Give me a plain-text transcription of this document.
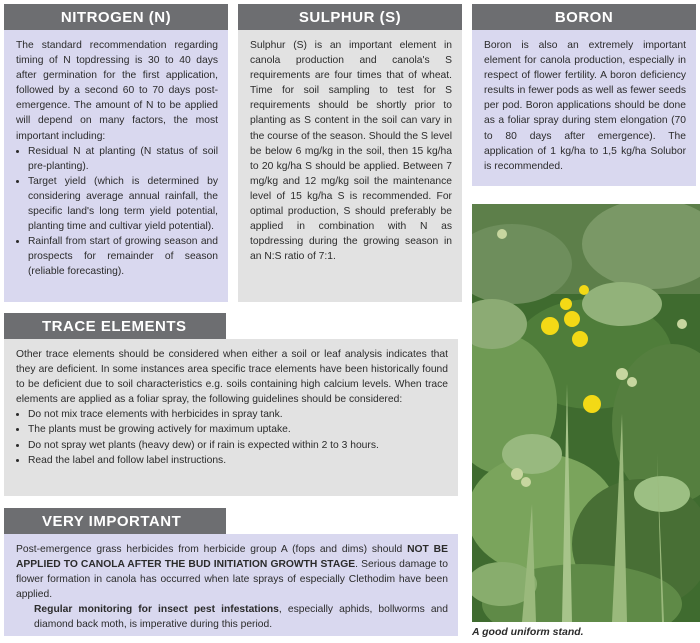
NITROGEN (N)
The standard recommendation regarding timing of N topdressing is 30 to 40 days after germination for the first application, followed by a second 60 to 70 days post-emergence. The amount of N to be applied will depend on many factors, the most important including:
• Residual N at planting (N status of soil pre-planting).
• Target yield (which is determined by considering average annual rainfall, the specific land's long term yield potential, planting time and cultivar yield potential).
• Rainfall from start of growing season and prospects for remainder of season (reliable forecasting).
SULPHUR (S)
Sulphur (S) is an important element in canola production and canola's S requirements are four times that of wheat. Time for soil sampling to test for S requirements should be shortly prior to planting as S content in the soil can vary in the course of the season. Should the S level be below 6 mg/kg in the soil, then 15 kg/ha to 20 kg/ha S should be applied. Between 7 mg/kg and 12 mg/kg soil the maintenance level of 15 kg/ha S is recommended. For optimal production, S should preferably be applied in combination with N as topdressing during the growing season in an N:S ratio of 7:1.
BORON
Boron is also an extremely important element for canola production, especially in respect of flower fertility. A boron deficiency results in fewer pods as well as fewer seeds per pod. Boron applications should be done as a foliar spray during stem elongation (70 to 80 days after emergence). The application of 1 kg/ha to 1,5 kg/ha Solubor is recommended.
A good uniform stand.
TRACE ELEMENTS
Other trace elements should be considered when either a soil or leaf analysis indicates that they are deficient. In some instances area specific trace elements have been historically found to be deficient due to soil characteristics e.g. soils containing high calcium levels. When trace elements are applied as a foliar spray, the following guidelines should be considered:
• Do not mix trace elements with herbicides in spray tank.
• The plants must be growing actively for maximum uptake.
• Do not spray wet plants (heavy dew) or if rain is expected within 2 to 3 hours.
• Read the label and follow label instructions.
VERY IMPORTANT
Post-emergence grass herbicides from herbicide group A (fops and dims) should NOT BE APPLIED TO CANOLA AFTER THE BUD INITIATION GROWTH STAGE. Serious damage to flower formation in canola has occurred when late sprays of especially Clethodim have been applied.
Regular monitoring for insect pest infestations, especially aphids, bollworms and diamond back moth, is imperative during this period.
